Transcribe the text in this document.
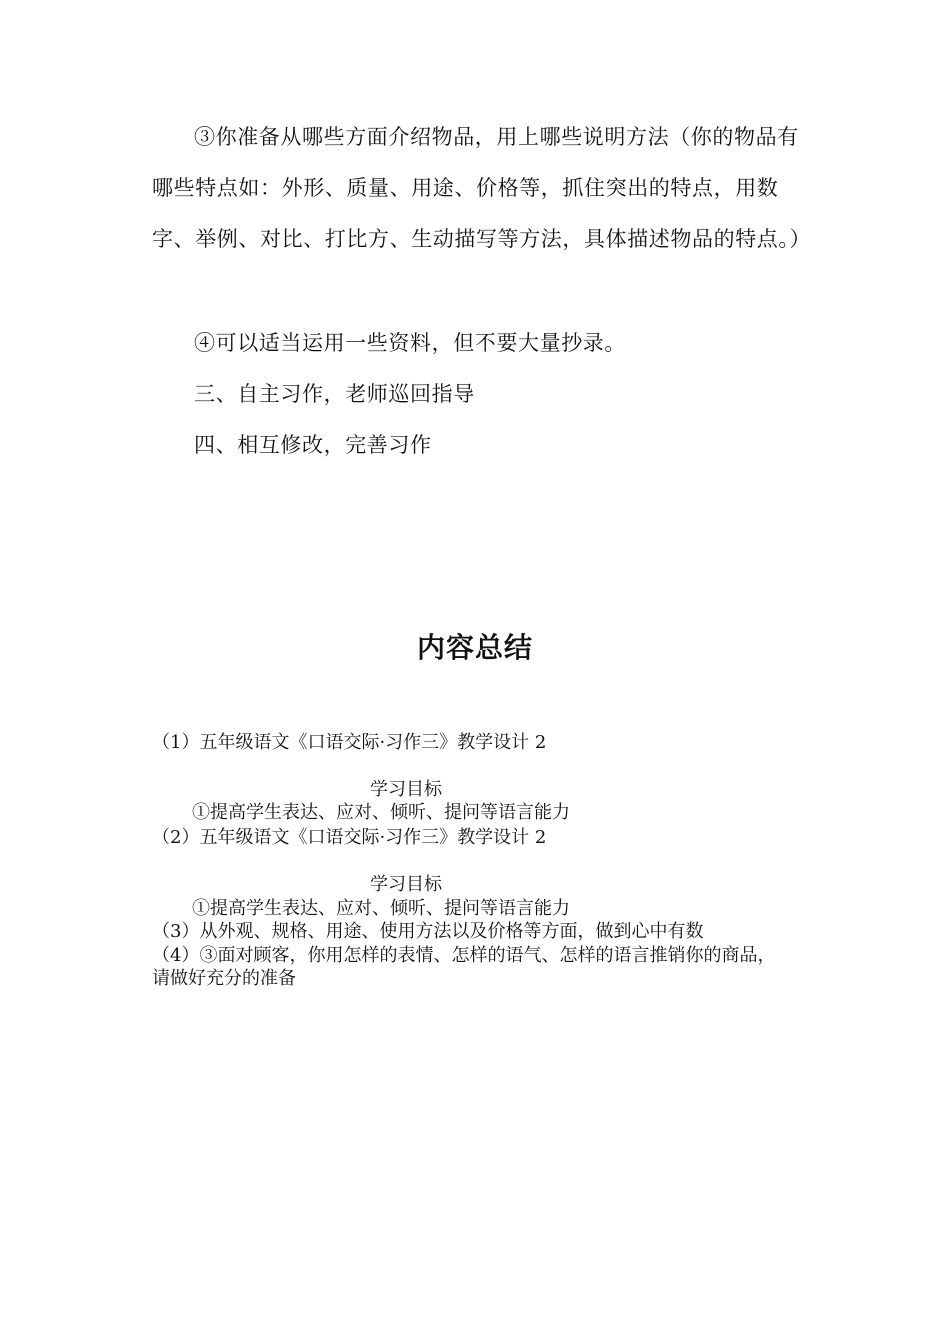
③你准备从哪些方面介绍物品，用上哪些说明方法（你的物品有哪些特点如：外形、质量、用途、价格等，抓住突出的特点，用数字、举例、对比、打比方、生动描写等方法，具体描述物品的特点。）

④可以适当运用一些资料，但不要大量抄录。

三、自主习作，老师巡回指导

四、相互修改，完善习作

内容总结

（1）五年级语文《口语交际·习作三》教学设计 2

学习目标

①提高学生表达、应对、倾听、提问等语言能力

（2）五年级语文《口语交际·习作三》教学设计 2

学习目标

①提高学生表达、应对、倾听、提问等语言能力

（3）从外观、规格、用途、使用方法以及价格等方面，做到心中有数

（4）③面对顾客，你用怎样的表情、怎样的语气、怎样的语言推销你的商品，请做好充分的准备
